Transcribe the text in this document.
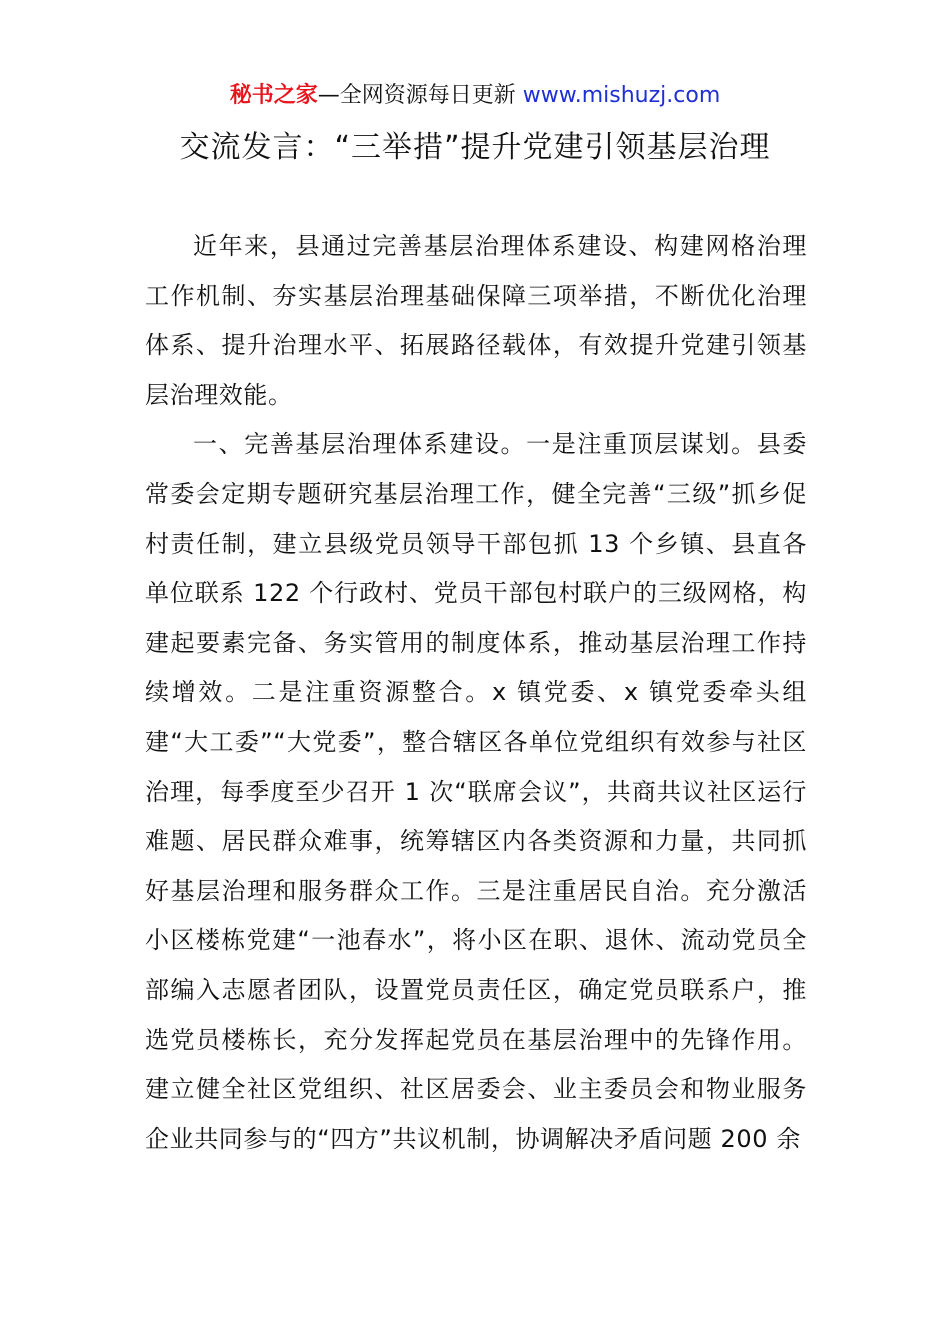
秘书之家—全网资源每日更新 www.mishuzj.com
交流发言：“三举措”提升党建引领基层治理

近年来，县通过完善基层治理体系建设、构建网格治理工作机制、夯实基层治理基础保障三项举措，不断优化治理体系、提升治理水平、拓展路径载体，有效提升党建引领基层治理效能。

一、完善基层治理体系建设。一是注重顶层谋划。县委常委会定期专题研究基层治理工作，健全完善“三级”抓乡促村责任制，建立县级党员领导干部包抓 13 个乡镇、县直各单位联系 122 个行政村、党员干部包村联户的三级网格，构建起要素完备、务实管用的制度体系，推动基层治理工作持续增效。二是注重资源整合。x 镇党委、x 镇党委牵头组建“大工委”“大党委”，整合辖区各单位党组织有效参与社区治理，每季度至少召开 1 次“联席会议”，共商共议社区运行难题、居民群众难事，统筹辖区内各类资源和力量，共同抓好基层治理和服务群众工作。三是注重居民自治。充分激活小区楼栋党建“一池春水”，将小区在职、退休、流动党员全部编入志愿者团队，设置党员责任区，确定党员联系户，推选党员楼栋长，充分发挥起党员在基层治理中的先锋作用。建立健全社区党组织、社区居委会、业主委员会和物业服务企业共同参与的“四方”共议机制，协调解决矛盾问题 200 余
